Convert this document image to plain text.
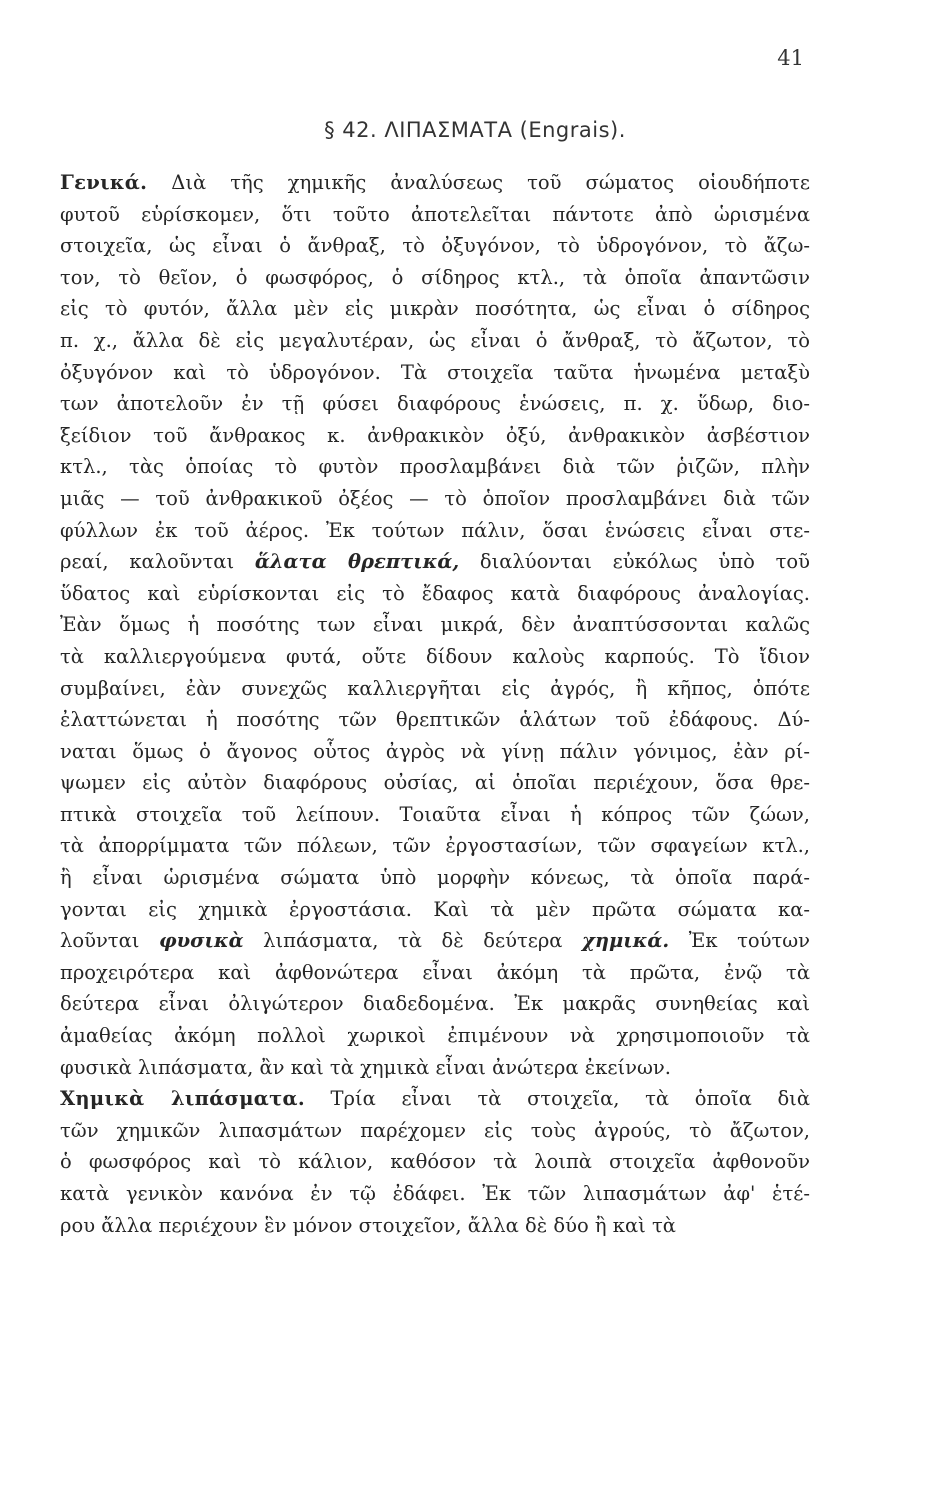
41
§ 42. ΛΙΠΑΣΜΑΤΑ (Engrais).
Γενικά. Διὰ τῆς χημικῆς ἀναλύσεως τοῦ σώματος οἱουδήποτε
φυτοῦ εὑρίσκομεν, ὅτι τοῦτο ἀποτελεῖται πάντοτε ἀπὸ ὡρισμένα
στοιχεῖα, ὡς εἶναι ὁ ἄνθραξ, τὸ ὀξυγόνον, τὸ ὑδρογόνον, τὸ ἄζω-
τον, τὸ θεῖον, ὁ φωσφόρος, ὁ σίδηρος κτλ., τὰ ὁποῖα ἀπαντῶσιν
εἰς τὸ φυτόν, ἄλλα μὲν εἰς μικρὰν ποσότητα, ὡς εἶναι ὁ σίδηρος
π. χ., ἄλλα δὲ εἰς μεγαλυτέραν, ὡς εἶναι ὁ ἄνθραξ, τὸ ἄζωτον, τὸ
ὀξυγόνον καὶ τὸ ὑδρογόνον. Τὰ στοιχεῖα ταῦτα ἡνωμένα μεταξὺ
των ἀποτελοῦν ἐν τῇ φύσει διαφόρους ἑνώσεις, π. χ. ὕδωρ, διο-
ξείδιον τοῦ ἄνθρακος κ. ἀνθρακικὸν ὀξύ, ἀνθρακικὸν ἀσβέστιον
κτλ., τὰς ὁποίας τὸ φυτὸν προσλαμβάνει διὰ τῶν ῥιζῶν, πλὴν
μιᾶς — τοῦ ἀνθρακικοῦ ὀξέος — τὸ ὁποῖον προσλαμβάνει διὰ τῶν
φύλλων ἐκ τοῦ ἀέρος. Ἐκ τούτων πάλιν, ὅσαι ἑνώσεις εἶναι στε-
ρεαί, καλοῦνται ἅλατα θρεπτικά, διαλύονται εὐκόλως ὑπὸ τοῦ
ὕδατος καὶ εὑρίσκονται εἰς τὸ ἔδαφος κατὰ διαφόρους ἀναλογίας.
Ἐὰν ὅμως ἡ ποσότης των εἶναι μικρά, δὲν ἀναπτύσσονται καλῶς
τὰ καλλιεργούμενα φυτά, οὔτε δίδουν καλοὺς καρπούς. Τὸ ἴδιον
συμβαίνει, ἐὰν συνεχῶς καλλιεργῆται εἰς ἀγρός, ἢ κῆπος, ὁπότε
ἐλαττώνεται ἡ ποσότης τῶν θρεπτικῶν ἁλάτων τοῦ ἐδάφους. Δύ-
ναται ὅμως ὁ ἄγονος οὗτος ἀγρὸς νὰ γίνῃ πάλιν γόνιμος, ἐὰν ρί-
ψωμεν εἰς αὐτὸν διαφόρους οὐσίας, αἱ ὁποῖαι περιέχουν, ὅσα θρε-
πτικὰ στοιχεῖα τοῦ λείπουν. Τοιαῦτα εἶναι ἡ κόπρος τῶν ζώων,
τὰ ἀπορρίμματα τῶν πόλεων, τῶν ἐργοστασίων, τῶν σφαγείων κτλ.,
ἢ εἶναι ὡρισμένα σώματα ὑπὸ μορφὴν κόνεως, τὰ ὁποῖα παρά-
γονται εἰς χημικὰ ἐργοστάσια. Καὶ τὰ μὲν πρῶτα σώματα κα-
λοῦνται φυσικὰ λιπάσματα, τὰ δὲ δεύτερα χημικά. Ἐκ τούτων
προχειρότερα καὶ ἀφθονώτερα εἶναι ἀκόμη τὰ πρῶτα, ἐνῷ τὰ
δεύτερα εἶναι ὀλιγώτερον διαδεδομένα. Ἐκ μακρᾶς συνηθείας καὶ
ἀμαθείας ἀκόμη πολλοὶ χωρικοὶ ἐπιμένουν νὰ χρησιμοποιοῦν τὰ
φυσικὰ λιπάσματα, ἂν καὶ τὰ χημικὰ εἶναι ἀνώτερα ἐκείνων.
Χημικὰ λιπάσματα. Τρία εἶναι τὰ στοιχεῖα, τὰ ὁποῖα διὰ
τῶν χημικῶν λιπασμάτων παρέχομεν εἰς τοὺς ἀγρούς, τὸ ἄζωτον,
ὁ φωσφόρος καὶ τὸ κάλιον, καθόσον τὰ λοιπὰ στοιχεῖα ἀφθονοῦν
κατὰ γενικὸν κανόνα ἐν τῷ ἐδάφει. Ἐκ τῶν λιπασμάτων ἀφ' ἑτέ-
ρου ἄλλα περιέχουν ἓν μόνον στοιχεῖον, ἄλλα δὲ δύο ἢ καὶ τὰ
